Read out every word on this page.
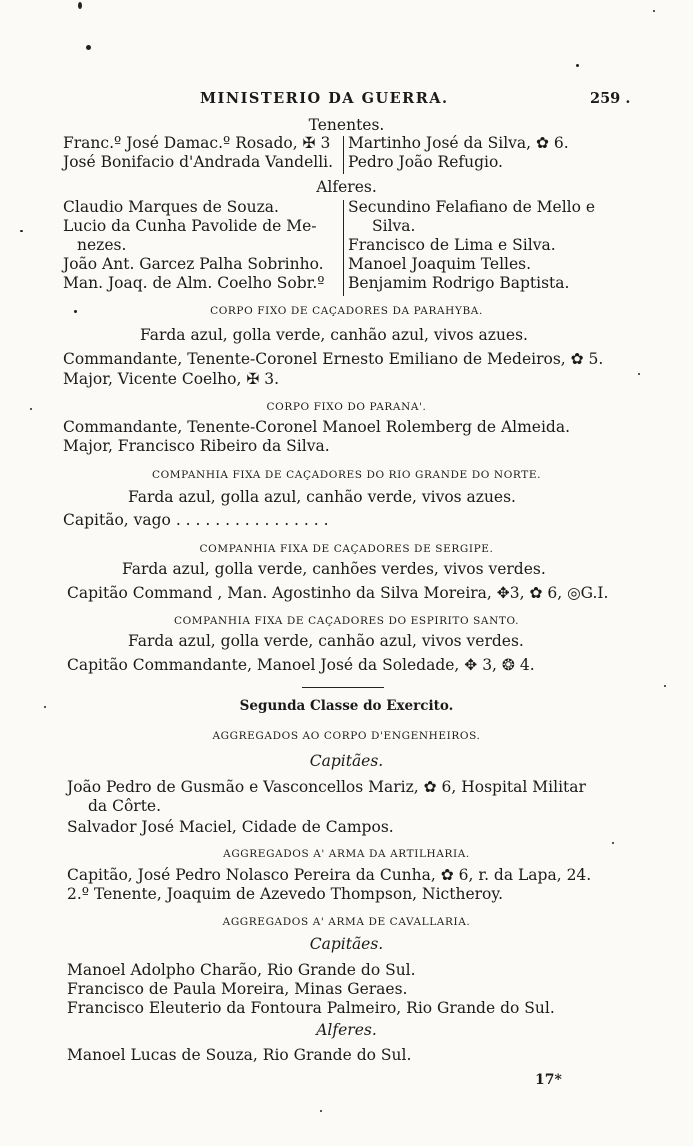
MINISTERIO DA GUERRA.	259 .
Tenentes.
Franc.º José Damac.º Rosado, ✠ 3
José Bonifacio d'Andrada Vandelli.
Martinho José da Silva, ✿ 6.
Pedro João Refugio.
Alferes.
Claudio Marques de Souza.
Lucio da Cunha Pavolide de Me-
nezes.
João Ant. Garcez Palha Sobrinho.
Man. Joaq. de Alm. Coelho Sobr.º
Secundino Felafiano de Mello e
Silva.
Francisco de Lima e Silva.
Manoel Joaquim Telles.
Benjamim Rodrigo Baptista.
CORPO FIXO DE CAÇADORES DA PARAHYBA.
Farda azul, golla verde, canhão azul, vivos azues.
Commandante, Tenente-Coronel Ernesto Emiliano de Medeiros, ✿ 5.
Major, Vicente Coelho, ✠ 3.
CORPO FIXO DO PARANA'.
Commandante, Tenente-Coronel Manoel Rolemberg de Almeida.
Major, Francisco Ribeiro da Silva.
COMPANHIA FIXA DE CAÇADORES DO RIO GRANDE DO NORTE.
Farda azul, golla azul, canhão verde, vivos azues.
Capitão, vago . . . . . . . . . . . . . . . .
COMPANHIA FIXA DE CAÇADORES DE SERGIPE.
Farda azul, golla verde, canhões verdes, vivos verdes.
Capitão Command , Man. Agostinho da Silva Moreira, ✥3, ✿ 6, ◎G.I.
COMPANHIA FIXA DE CAÇADORES DO ESPIRITO SANTO.
Farda azul, golla verde, canhão azul, vivos verdes.
Capitão Commandante, Manoel José da Soledade, ✥ 3, ❂ 4.
Segunda Classe do Exercito.
AGGREGADOS AO CORPO D'ENGENHEIROS.
Capitães.
João Pedro de Gusmão e Vasconcellos Mariz, ✿ 6, Hospital Militar
da Côrte.
Salvador José Maciel, Cidade de Campos.
AGGREGADOS A' ARMA DA ARTILHARIA.
Capitão, José Pedro Nolasco Pereira da Cunha, ✿ 6, r. da Lapa, 24.
2.º Tenente, Joaquim de Azevedo Thompson, Nictheroy.
AGGREGADOS A' ARMA DE CAVALLARIA.
Capitães.
Manoel Adolpho Charão, Rio Grande do Sul.
Francisco de Paula Moreira, Minas Geraes.
Francisco Eleuterio da Fontoura Palmeiro, Rio Grande do Sul.
Alferes.
Manoel Lucas de Souza, Rio Grande do Sul.
17*
